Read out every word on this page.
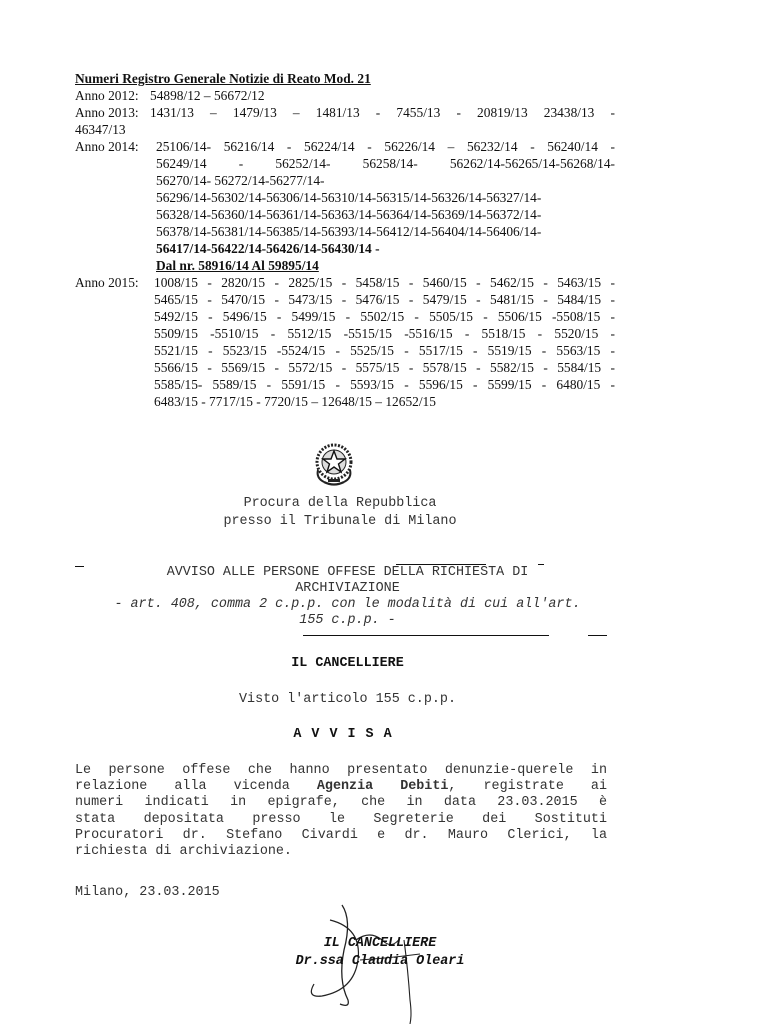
Numeri Registro Generale Notizie di Reato Mod. 21
Anno 2012: 54898/12 – 56672/12
Anno 2013: 1431/13 – 1479/13 – 1481/13 - 7455/13 - 20819/13 23438/13 -
46347/13
Anno 2014: 25106/14- 56216/14 - 56224/14 - 56226/14 – 56232/14 - 56240/14 -
56249/14 - 56252/14- 56258/14- 56262/14-56265/14-56268/14-
56270/14- 56272/14-56277/14-
56296/14-56302/14-56306/14-56310/14-56315/14-56326/14-56327/14-
56328/14-56360/14-56361/14-56363/14-56364/14-56369/14-56372/14-
56378/14-56381/14-56385/14-56393/14-56412/14-56404/14-56406/14-
56417/14-56422/14-56426/14-56430/14 -
Dal nr. 58916/14 Al 59895/14
Anno 2015: 1008/15 - 2820/15 - 2825/15 - 5458/15 - 5460/15 - 5462/15 - 5463/15 -
5465/15 - 5470/15 - 5473/15 - 5476/15 - 5479/15 - 5481/15 - 5484/15 -
5492/15 - 5496/15 - 5499/15 - 5502/15 - 5505/15 - 5506/15 -5508/15 -
5509/15 -5510/15 - 5512/15 -5515/15 -5516/15 - 5518/15 - 5520/15 -
5521/15 - 5523/15 -5524/15 - 5525/15 - 5517/15 - 5519/15 - 5563/15 -
5566/15 - 5569/15 - 5572/15 - 5575/15 - 5578/15 - 5582/15 - 5584/15 -
5585/15- 5589/15 - 5591/15 - 5593/15 - 5596/15 - 5599/15 - 6480/15 -
6483/15 - 7717/15 - 7720/15 – 12648/15 – 12652/15
Procura della Repubblica
presso il Tribunale di Milano
AVVISO ALLE PERSONE OFFESE DELLA RICHIESTA DI
ARCHIVIAZIONE
- art. 408, comma 2 c.p.p. con le modalità di cui all'art.
155 c.p.p. -
IL CANCELLIERE
Visto l'articolo 155 c.p.p.
AVVISA
Le persone offese che hanno presentato denunzie-querele in
relazione alla vicenda Agenzia Debiti, registrate ai
numeri indicati in epigrafe, che in data 23.03.2015 è
stata depositata presso le Segreterie dei Sostituti
Procuratori dr. Stefano Civardi e dr. Mauro Clerici, la
richiesta di archiviazione.
Milano, 23.03.2015
IL CANCELLIERE
Dr.ssa Claudia Oleari
